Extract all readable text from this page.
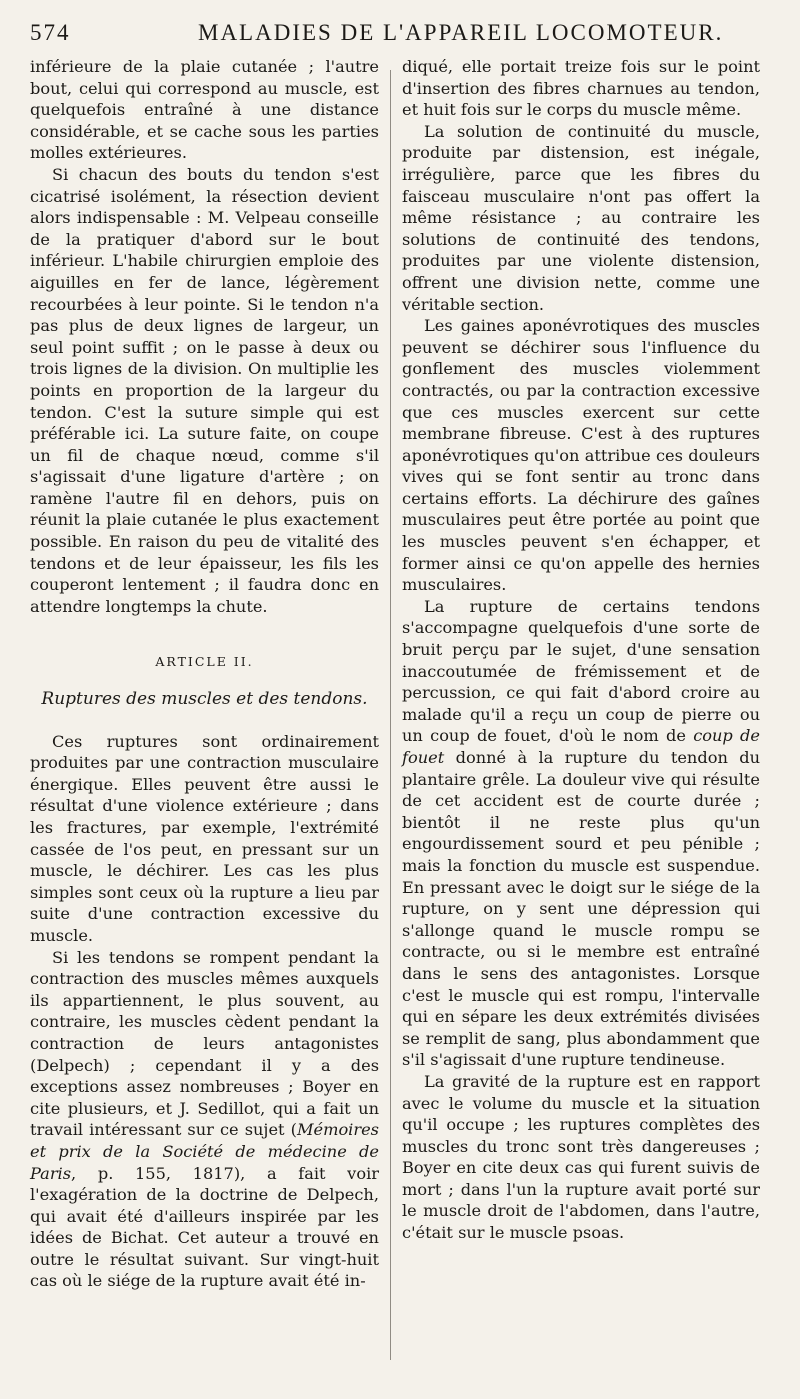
574	MALADIES DE L'APPAREIL LOCOMOTEUR.

inférieure de la plaie cutanée ; l'autre bout, celui qui correspond au muscle, est quelquefois entraîné à une distance considérable, et se cache sous les parties molles extérieures.

Si chacun des bouts du tendon s'est cicatrisé isolément, la résection devient alors indispensable : M. Velpeau conseille de la pratiquer d'abord sur le bout inférieur. L'habile chirurgien emploie des aiguilles en fer de lance, légèrement recourbées à leur pointe. Si le tendon n'a pas plus de deux lignes de largeur, un seul point suffit ; on le passe à deux ou trois lignes de la division. On multiplie les points en proportion de la largeur du tendon. C'est la suture simple qui est préférable ici. La suture faite, on coupe un fil de chaque nœud, comme s'il s'agissait d'une ligature d'artère ; on ramène l'autre fil en dehors, puis on réunit la plaie cutanée le plus exactement possible. En raison du peu de vitalité des tendons et de leur épaisseur, les fils les couperont lentement ; il faudra donc en attendre longtemps la chute.

ARTICLE II.

Ruptures des muscles et des tendons.

Ces ruptures sont ordinairement produites par une contraction musculaire énergique. Elles peuvent être aussi le résultat d'une violence extérieure ; dans les fractures, par exemple, l'extrémité cassée de l'os peut, en pressant sur un muscle, le déchirer. Les cas les plus simples sont ceux où la rupture a lieu par suite d'une contraction excessive du muscle.

Si les tendons se rompent pendant la contraction des muscles mêmes auxquels ils appartiennent, le plus souvent, au contraire, les muscles cèdent pendant la contraction de leurs antagonistes (Delpech) ; cependant il y a des exceptions assez nombreuses ; Boyer en cite plusieurs, et J. Sedillot, qui a fait un travail intéressant sur ce sujet (Mémoires et prix de la Société de médecine de Paris, p. 155, 1817), a fait voir l'exagération de la doctrine de Delpech, qui avait été d'ailleurs inspirée par les idées de Bichat. Cet auteur a trouvé en outre le résultat suivant. Sur vingt-huit cas où le siége de la rupture avait été in-

diqué, elle portait treize fois sur le point d'insertion des fibres charnues au tendon, et huit fois sur le corps du muscle même.

La solution de continuité du muscle, produite par distension, est inégale, irrégulière, parce que les fibres du faisceau musculaire n'ont pas offert la même résistance ; au contraire les solutions de continuité des tendons, produites par une violente distension, offrent une division nette, comme une véritable section.

Les gaines aponévrotiques des muscles peuvent se déchirer sous l'influence du gonflement des muscles violemment contractés, ou par la contraction excessive que ces muscles exercent sur cette membrane fibreuse. C'est à des ruptures aponévrotiques qu'on attribue ces douleurs vives qui se font sentir au tronc dans certains efforts. La déchirure des gaînes musculaires peut être portée au point que les muscles peuvent s'en échapper, et former ainsi ce qu'on appelle des hernies musculaires.

La rupture de certains tendons s'accompagne quelquefois d'une sorte de bruit perçu par le sujet, d'une sensation inaccoutumée de frémissement et de percussion, ce qui fait d'abord croire au malade qu'il a reçu un coup de pierre ou un coup de fouet, d'où le nom de coup de fouet donné à la rupture du tendon du plantaire grêle. La douleur vive qui résulte de cet accident est de courte durée ; bientôt il ne reste plus qu'un engourdissement sourd et peu pénible ; mais la fonction du muscle est suspendue. En pressant avec le doigt sur le siége de la rupture, on y sent une dépression qui s'allonge quand le muscle rompu se contracte, ou si le membre est entraîné dans le sens des antagonistes. Lorsque c'est le muscle qui est rompu, l'intervalle qui en sépare les deux extrémités divisées se remplit de sang, plus abondamment que s'il s'agissait d'une rupture tendineuse.

La gravité de la rupture est en rapport avec le volume du muscle et la situation qu'il occupe ; les ruptures complètes des muscles du tronc sont très dangereuses ; Boyer en cite deux cas qui furent suivis de mort ; dans l'un la rupture avait porté sur le muscle droit de l'abdomen, dans l'autre, c'était sur le muscle psoas.
